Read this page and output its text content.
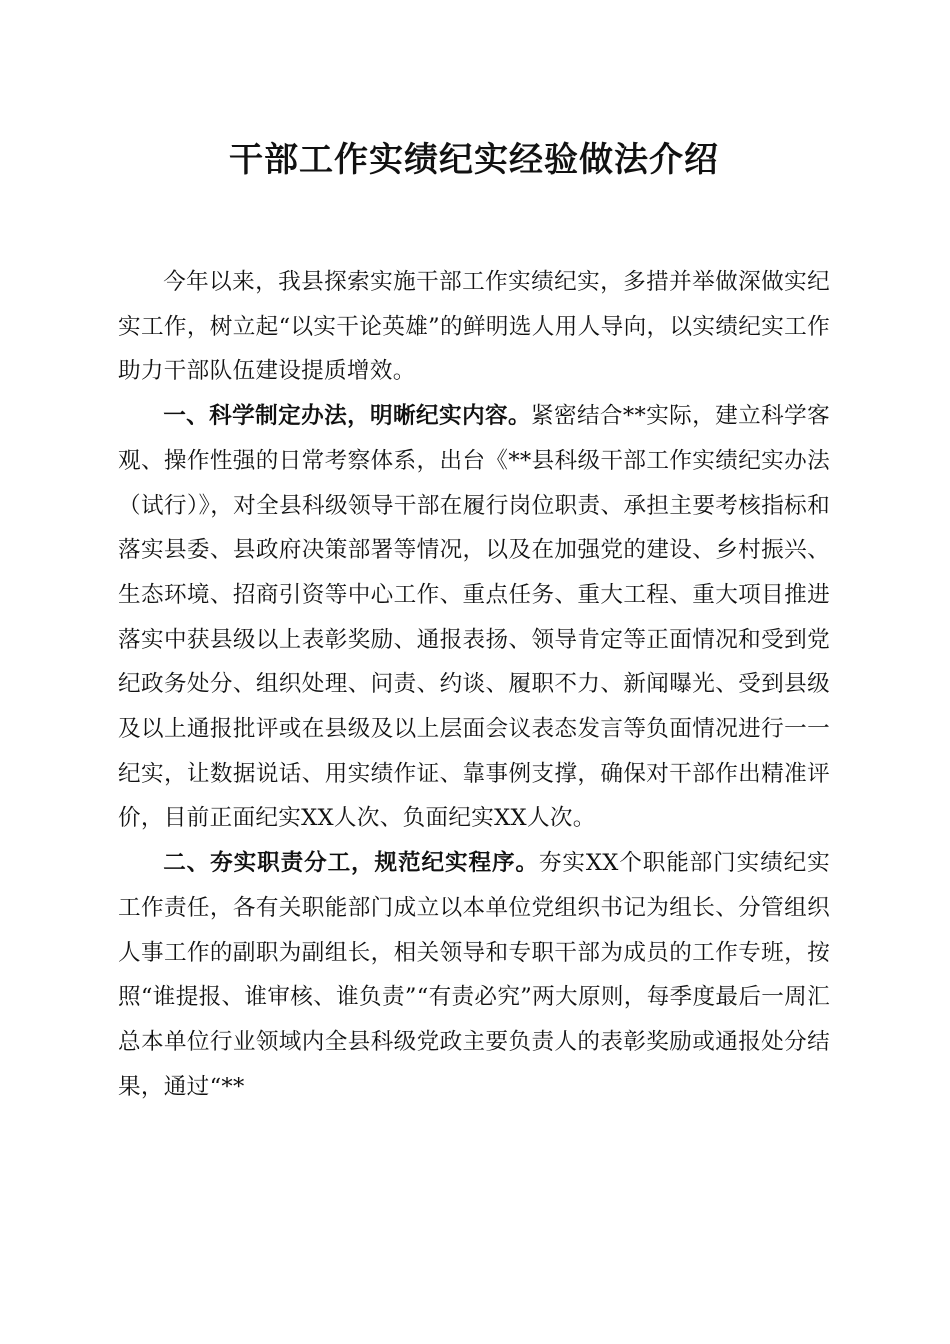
干部工作实绩纪实经验做法介绍

今年以来，我县探索实施干部工作实绩纪实，多措并举做深做实纪实工作，树立起“以实干论英雄”的鲜明选人用人导向，以实绩纪实工作助力干部队伍建设提质增效。

一、科学制定办法，明晰纪实内容。紧密结合**实际，建立科学客观、操作性强的日常考察体系，出台《**县科级干部工作实绩纪实办法（试行）》，对全县科级领导干部在履行岗位职责、承担主要考核指标和落实县委、县政府决策部署等情况，以及在加强党的建设、乡村振兴、生态环境、招商引资等中心工作、重点任务、重大工程、重大项目推进落实中获县级以上表彰奖励、通报表扬、领导肯定等正面情况和受到党纪政务处分、组织处理、问责、约谈、履职不力、新闻曝光、受到县级及以上通报批评或在县级及以上层面会议表态发言等负面情况进行一一纪实，让数据说话、用实绩作证、靠事例支撑，确保对干部作出精准评价，目前正面纪实XX人次、负面纪实XX人次。

二、夯实职责分工，规范纪实程序。夯实XX个职能部门实绩纪实工作责任，各有关职能部门成立以本单位党组织书记为组长、分管组织人事工作的副职为副组长，相关领导和专职干部为成员的工作专班，按照“谁提报、谁审核、谁负责”“有责必究”两大原则，每季度最后一周汇总本单位行业领域内全县科级党政主要负责人的表彰奖励或通报处分结果，通过“**
